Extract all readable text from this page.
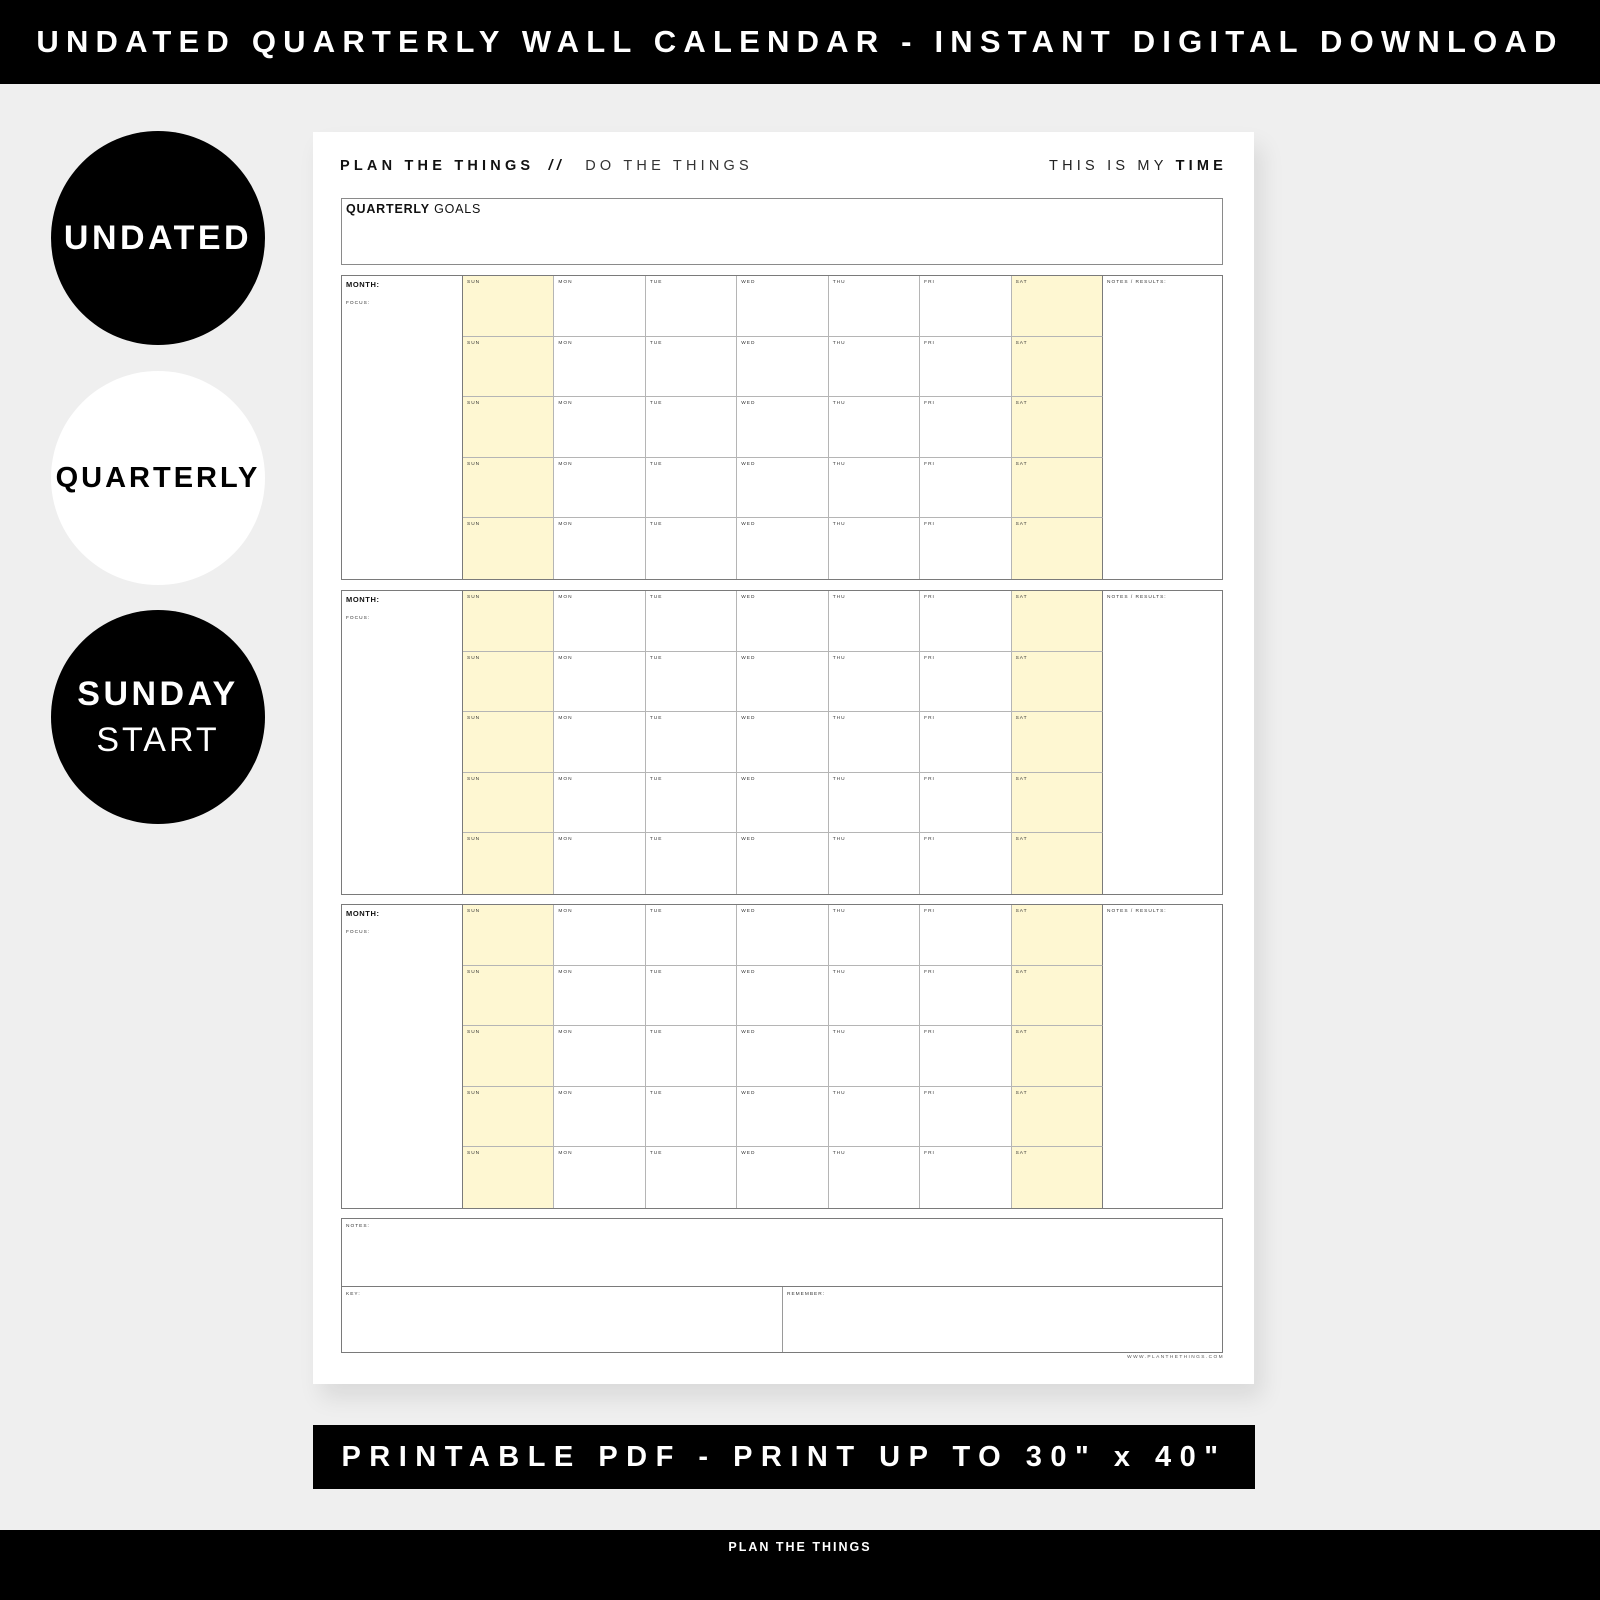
UNDATED QUARTERLY WALL CALENDAR - INSTANT DIGITAL DOWNLOAD
UNDATED
QUARTERLY
SUNDAY
START
PLAN THE THINGS // DO THE THINGS	THIS IS MY TIME
QUARTERLY GOALS
MONTH:
FOCUS:
SUN	MON	TUE	WED	THU	FRI	SAT
SUN	MON	TUE	WED	THU	FRI	SAT
SUN	MON	TUE	WED	THU	FRI	SAT
SUN	MON	TUE	WED	THU	FRI	SAT
SUN	MON	TUE	WED	THU	FRI	SAT
NOTES / RESULTS:
MONTH:
FOCUS:
SUN	MON	TUE	WED	THU	FRI	SAT
SUN	MON	TUE	WED	THU	FRI	SAT
SUN	MON	TUE	WED	THU	FRI	SAT
SUN	MON	TUE	WED	THU	FRI	SAT
SUN	MON	TUE	WED	THU	FRI	SAT
NOTES / RESULTS:
MONTH:
FOCUS:
SUN	MON	TUE	WED	THU	FRI	SAT
SUN	MON	TUE	WED	THU	FRI	SAT
SUN	MON	TUE	WED	THU	FRI	SAT
SUN	MON	TUE	WED	THU	FRI	SAT
SUN	MON	TUE	WED	THU	FRI	SAT
NOTES / RESULTS:
NOTES:
KEY:	REMEMBER:
WWW.PLANTHETHINGS.COM
PRINTABLE PDF - PRINT UP TO 30" x 40"
PLAN THE THINGS
